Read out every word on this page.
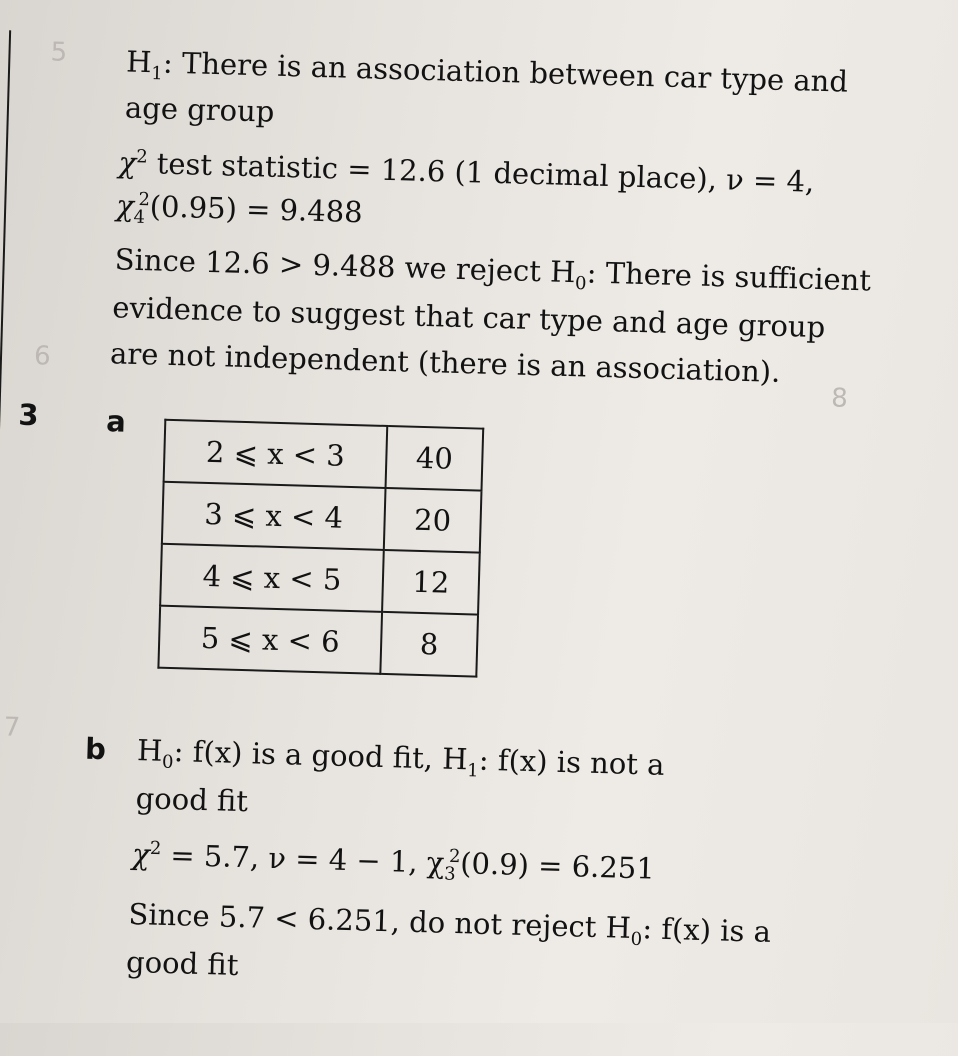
5
6
7
8
$H_1$: There is an association between car type and
age group
$\chi^2$ test statistic = 12.6 (1 decimal place), ν = 4,
$\chi_4^2(0.95) = 9.488$
Since 12.6 > 9.488 we reject $H_0$: There is sufficient
evidence to suggest that car type and age group
are not independent (there is an association).
3 a
2 ⩽ x < 3	40
3 ⩽ x < 4	20
4 ⩽ x < 5	12
5 ⩽ x < 6	8
b $H_0$: f(x) is a good fit, $H_1$: f(x) is not a
good fit
$\chi^2 = 5.7$, ν = 4 − 1, $\chi_3^2(0.9) = 6.251$
Since 5.7 < 6.251, do not reject $H_0$: f(x) is a
good fit
